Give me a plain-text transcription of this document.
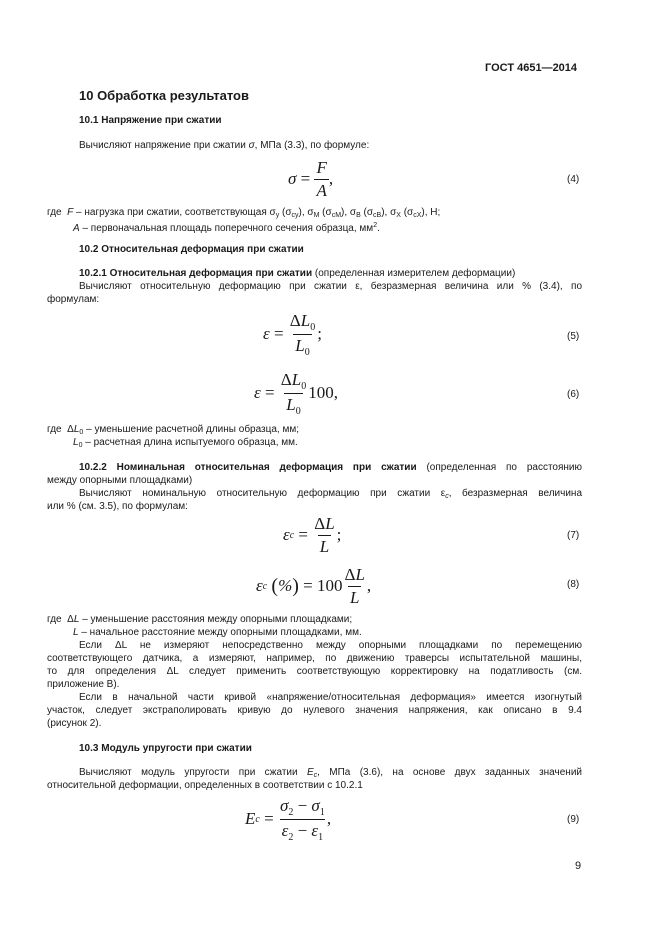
ГОСТ 4651—2014
10 Обработка результатов
10.1 Напряжение при сжатии
Вычисляют напряжение при сжатии σ, МПа (3.3), по формуле:
$\sigma = \frac{F}{A}$ ,	(4)
где F – нагрузка при сжатии, соответствующая $\sigma_y$ $(\sigma_{cy})$, $\sigma_M$ $(\sigma_{cM})$, $\sigma_B$ $(\sigma_{cB})$, $\sigma_X$ $(\sigma_{cX})$, Н;
A – первоначальная площадь поперечного сечения образца, $мм^2$.
10.2 Относительная деформация при сжатии
10.2.1 Относительная деформация при сжатии (определенная измерителем деформации)
Вычисляют относительную деформацию при сжатии ε, безразмерная величина или % (3.4), по
формулам:
$\varepsilon = \frac{\Delta L_0}{L_0}$ ;	(5)
$\varepsilon = \frac{\Delta L_0}{L_0} 100$,	(6)
где  $\Delta L_0$ – уменьшение расчетной длины образца, мм;
$L_0$ – расчетная длина испытуемого образца, мм.
10.2.2 Номинальная относительная деформация при сжатии (определенная по расстоянию
между опорными площадками)
Вычисляют номинальную относительную деформацию при сжатии $\varepsilon_c$, безразмерная величина
или % (см. 3.5), по формулам:
ε $c = \frac{\Delta L}{L}$ ;	(7)
ε c
( % ) = $100 \frac{\Delta L}{L}$ ,	(8)
где  ΔL – уменьшение расстояния между опорными площадками;
L – начальное расстояние между опорными площадками, мм.
Если ΔL не измеряют непосредственно между опорными площадками по перемещению
соответствующего датчика, а измеряют, например, по движению траверсы испытательной машины,
то для определения ΔL следует применить соответствующую корректировку на податливость (см.
приложение В).
Если в начальной части кривой «напряжение/относительная деформация» имеется изогнутый
участок, следует экстраполировать кривую до нулевого значения напряжения, как описано в 9.4
(рисунок 2).
10.3 Модуль упругости при сжатии
Вычисляют модуль упругости при сжатии $E_c$, МПа (3.6), на основе двух заданных значений
относительной деформации, определенных в соответствии с 10.2.1
E $c = \frac{\sigma_2 - \sigma_1}{\varepsilon_2 - \varepsilon_1}$ ,	(9)
9
